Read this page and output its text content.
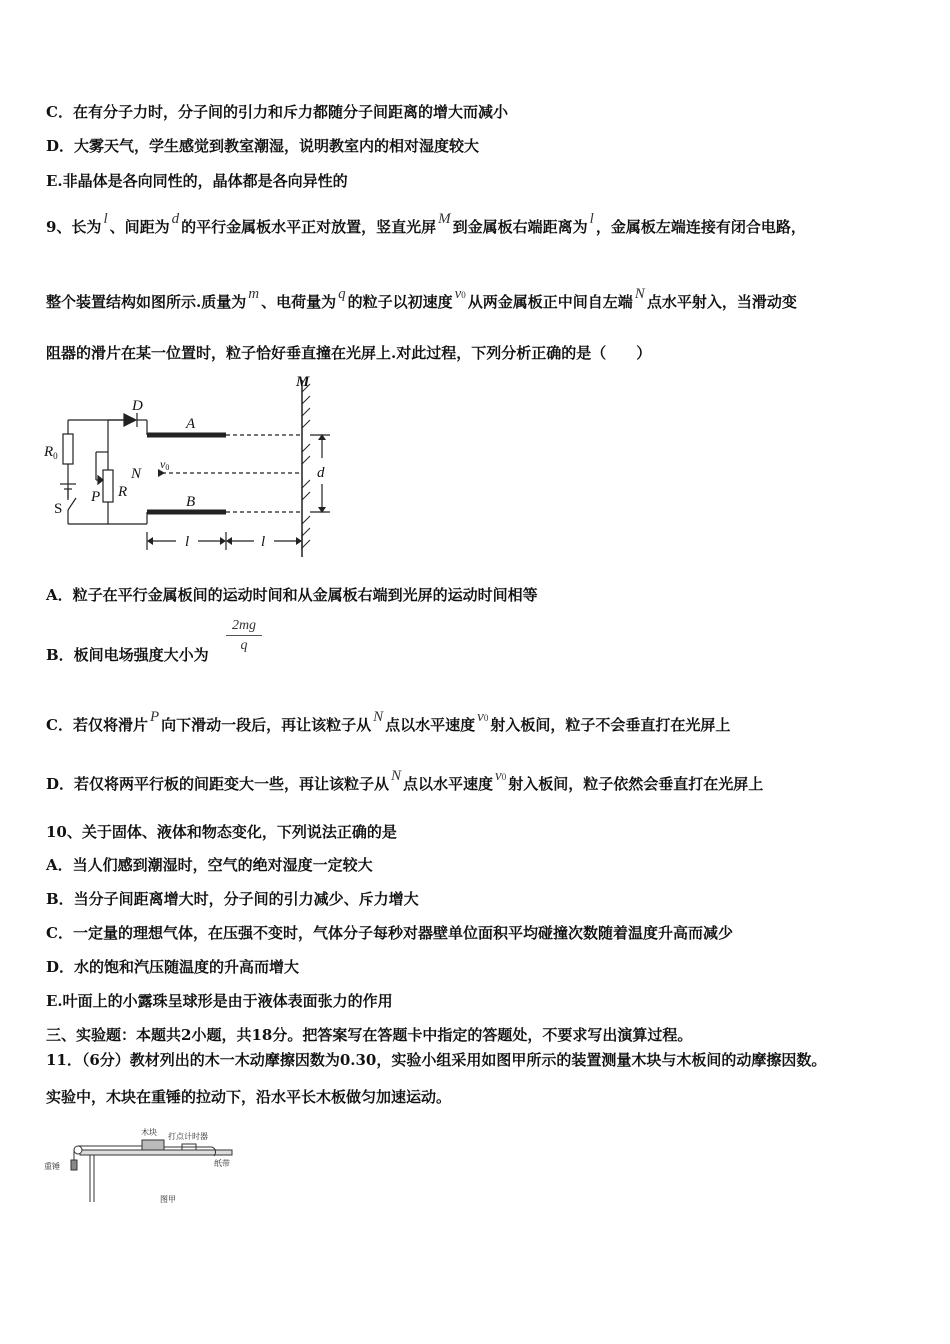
C．在有分子力时，分子间的引力和斥力都随分子间距离的增大而减小
D．大雾天气，学生感觉到教室潮湿，说明教室内的相对湿度较大
E.非晶体是各向同性的，晶体都是各向异性的
9、长为 l 、间距为 d 的平行金属板水平正对放置，竖直光屏 M 到金属板右端距离为 l ，金属板左端连接有闭合电路，
整个装置结构如图所示.质量为 m 、电荷量为 q 的粒子以初速度 v0 从两金属板正中间自左端 N 点水平射入，当滑动变
阻器的滑片在某一位置时，粒子恰好垂直撞在光屏上.对此过程，下列分析正确的是（　　）
M
D
A
B
$R_0$
N
v0
P R
S
d
l	l
A．粒子在平行金属板间的运动时间和从金属板右端到光屏的运动时间相等
B．板间电场强度大小为
$\frac{2mg}{q}$
C．若仅将滑片 P 向下滑动一段后，再让该粒子从 N 点以水平速度 v0 射入板间，粒子不会垂直打在光屏上
D．若仅将两平行板的间距变大一些，再让该粒子从 N 点以水平速度 v0 射入板间，粒子依然会垂直打在光屏上
10、关于固体、液体和物态变化，下列说法正确的是
A．当人们感到潮湿时，空气的绝对湿度一定较大
B．当分子间距离增大时，分子间的引力减少、斥力增大
C．一定量的理想气体，在压强不变时，气体分子每秒对器壁单位面积平均碰撞次数随着温度升高而减少
D．水的饱和汽压随温度的升高而增大
E.叶面上的小露珠呈球形是由于液体表面张力的作用
三、实验题：本题共2小题，共18分。把答案写在答题卡中指定的答题处，不要求写出演算过程。
11．（6分）教材列出的木一木动摩擦因数为0.30，实验小组采用如图甲所示的装置测量木块与木板间的动摩擦因数。
实验中，木块在重锤的拉动下，沿水平长木板做匀加速运动。
木块 打点计时器
重锤	纸带
图甲
